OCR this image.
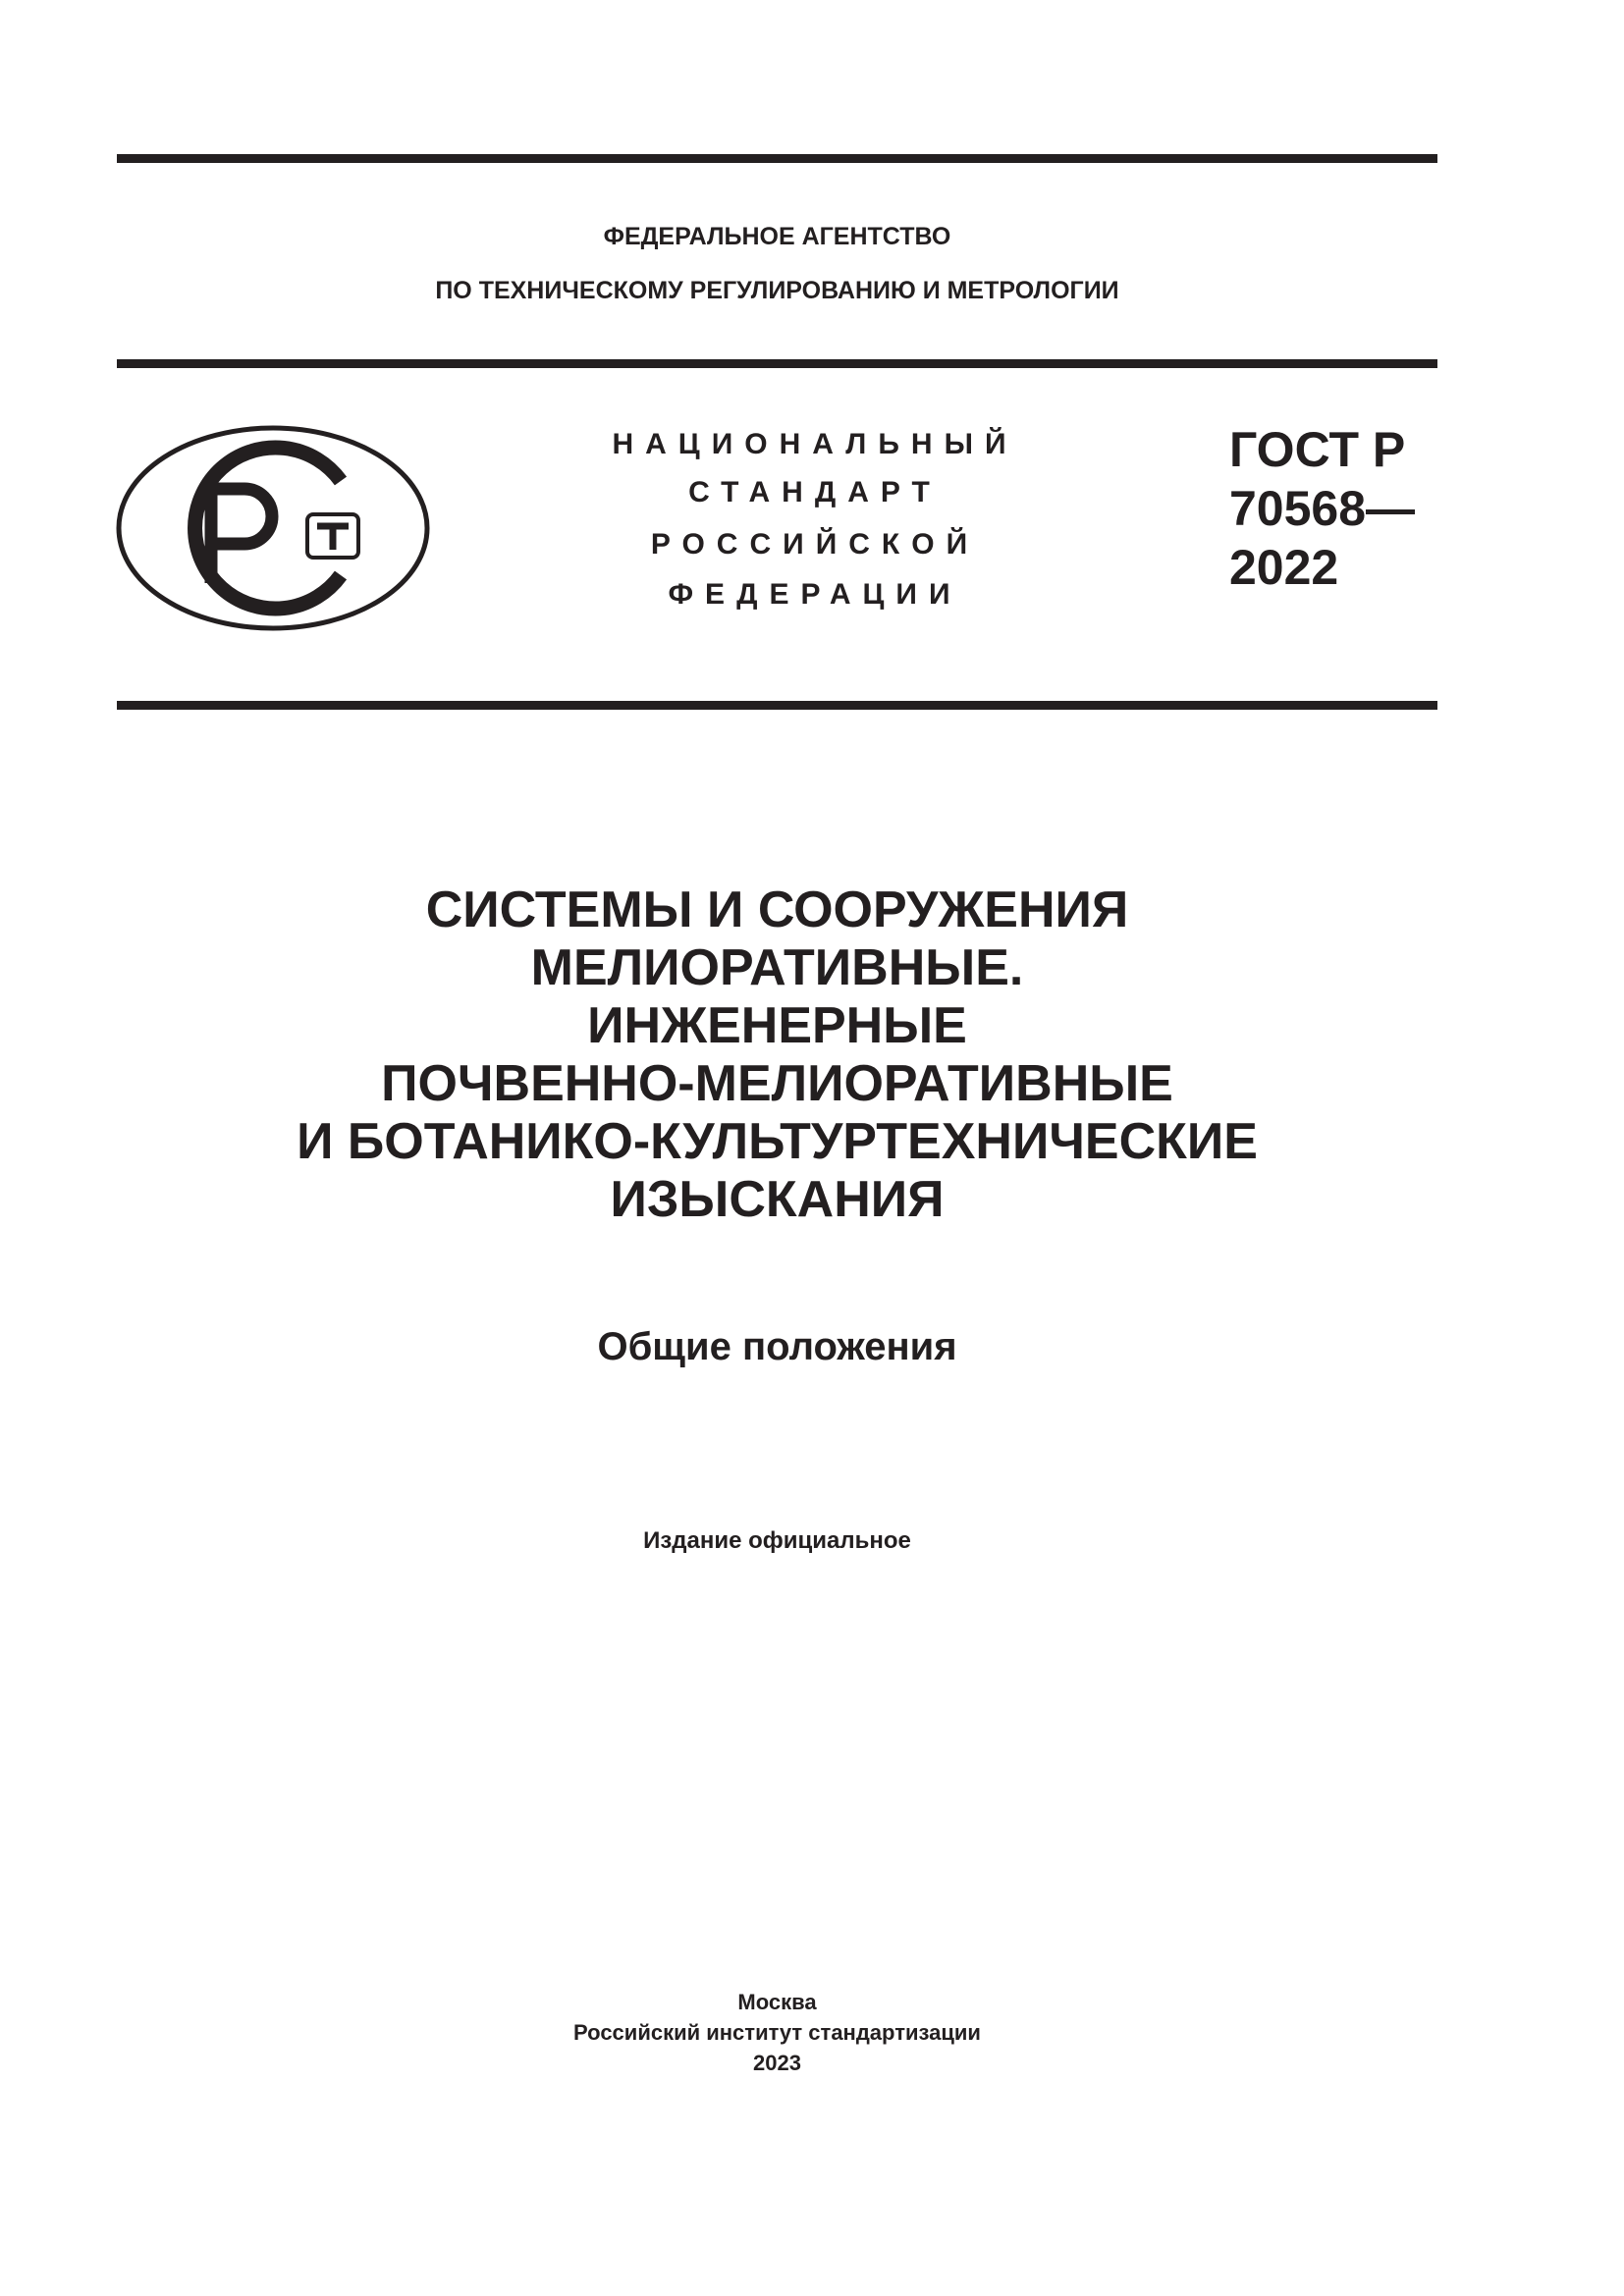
ФЕДЕРАЛЬНОЕ АГЕНТСТВО
ПО ТЕХНИЧЕСКОМУ РЕГУЛИРОВАНИЮ И МЕТРОЛОГИИ
НАЦИОНАЛЬНЫЙ
СТАНДАРТ
РОССИЙСКОЙ
ФЕДЕРАЦИИ
ГОСТ Р
70568—
2022
СИСТЕМЫ И СООРУЖЕНИЯ
МЕЛИОРАТИВНЫЕ.
ИНЖЕНЕРНЫЕ
ПОЧВЕННО-МЕЛИОРАТИВНЫЕ
И БОТАНИКО-КУЛЬТУРТЕХНИЧЕСКИЕ
ИЗЫСКАНИЯ
Общие положения
Издание официальное
Москва
Российский институт стандартизации
2023
